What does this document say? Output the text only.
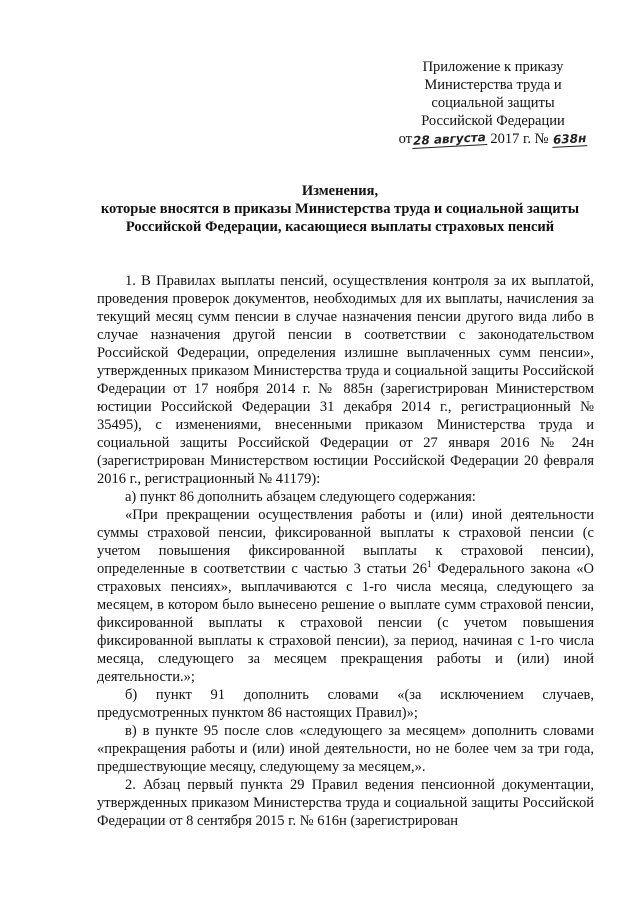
Приложение к приказу
Министерства труда и
социальной защиты
Российской Федерации
от28 августа 2017 г. № 638н
Изменения,
которые вносятся в приказы Министерства труда и социальной защиты
Российской Федерации, касающиеся выплаты страховых пенсий

1. В Правилах выплаты пенсий, осуществления контроля за их выплатой, проведения проверок документов, необходимых для их выплаты, начисления за текущий месяц сумм пенсии в случае назначения пенсии другого вида либо в случае назначения другой пенсии в соответствии с законодательством Российской Федерации, определения излишне выплаченных сумм пенсии», утвержденных приказом Министерства труда и социальной защиты Российской Федерации от 17 ноября 2014 г. № 885н (зарегистрирован Министерством юстиции Российской Федерации 31 декабря 2014 г., регистрационный № 35495), с изменениями, внесенными приказом Министерства труда и социальной защиты Российской Федерации от 27 января 2016 № 24н (зарегистрирован Министерством юстиции Российской Федерации 20 февраля 2016 г., регистрационный № 41179):

а) пункт 86 дополнить абзацем следующего содержания:

«При прекращении осуществления работы и (или) иной деятельности суммы страховой пенсии, фиксированной выплаты к страховой пенсии (с учетом повышения фиксированной выплаты к страховой пенсии), определенные в соответствии с частью 3 статьи $26^1$ Федерального закона «О страховых пенсиях», выплачиваются с 1-го числа месяца, следующего за месяцем, в котором было вынесено решение о выплате сумм страховой пенсии, фиксированной выплаты к страховой пенсии (с учетом повышения фиксированной выплаты к страховой пенсии), за период, начиная с 1-го числа месяца, следующего за месяцем прекращения работы и (или) иной деятельности.»;

б) пункт 91 дополнить словами «(за исключением случаев, предусмотренных пунктом 86 настоящих Правил)»;

в) в пункте 95 после слов «следующего за месяцем» дополнить словами «прекращения работы и (или) иной деятельности, но не более чем за три года, предшествующие месяцу, следующему за месяцем,».

2. Абзац первый пункта 29 Правил ведения пенсионной документации, утвержденных приказом Министерства труда и социальной защиты Российской Федерации от 8 сентября 2015 г. № 616н (зарегистрирован
